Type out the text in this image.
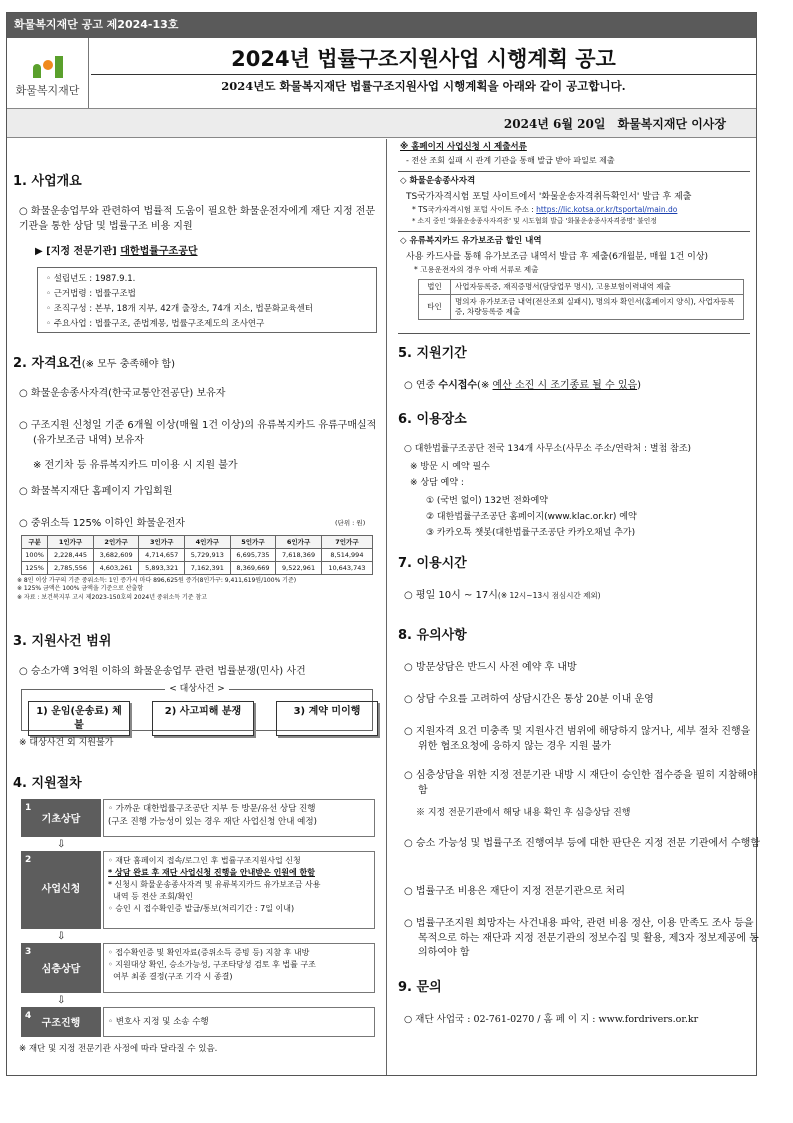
화물복지재단 공고 제2024-13호
화물복지재단
2024년 법률구조지원사업 시행계획 공고
2024년도 화물복지재단 법률구조지원사업 시행계획을 아래와 같이 공고합니다.
2024년 6월 20일 화물복지재단 이사장
1. 사업개요
○ 화물운송업무와 관련하여 법률적 도움이 필요한 화물운전자에게 재단 지정 전문기관을 통한 상담 및 법률구조 비용 지원
▶ [지정 전문기관] 대한법률구조공단
◦ 설립년도 : 1987.9.1.
◦ 근거법령 : 법률구조법
◦ 조직구성 : 본부, 18개 지부, 42개 출장소, 74개 지소, 법문화교육센터
◦ 주요사업 : 법률구조, 준법계몽, 법률구조제도의 조사연구
2. 자격요건(※ 모두 충족해야 함)
○ 화물운송종사자격(한국교통안전공단) 보유자
○ 구조지원 신청일 기준 6개월 이상(매월 1건 이상)의 유류복지카드 유류구매실적(유가보조금 내역) 보유자
※ 전기차 등 유류복지카드 미이용 시 지원 불가
○ 화물복지재단 홈페이지 가입회원
○ 중위소득 125% 이하인 화물운전자	(단위 : 원)
구분	1인가구	2인가구	3인가구	4인가구	5인가구	6인가구	7인가구
100%	2,228,445	3,682,609	4,714,657	5,729,913	6,695,735	7,618,369	8,514,994
125%	2,785,556	4,603,261	5,893,321	7,162,391	8,369,669	9,522,961	10,643,743
※ 8인 이상 가구의 기준 중위소득: 1인 증가시 마다 896,625원 증가(8인가구: 9,411,619원/100% 기준)
※ 125% 금액은 100% 금액을 기준으로 산출함
※ 자료 : 보건복지부 고시 제2023-150호의 2024년 중위소득 기준 참고
3. 지원사건 범위
○ 승소가액 3억원 이하의 화물운송업무 관련 법률분쟁(민사) 사건
< 대상사건 >
1) 운임(운송료) 체불
2) 사고피해 분쟁	3) 계약 미이행
※ 대상사건 외 지원불가
4. 지원절차
1
기초상담
◦ 가까운 대한법률구조공단 지부 등 방문/유선 상담 진행
(구조 진행 가능성이 있는 경우 재단 사업신청 안내 예정)
⇩
2
사업신청
◦ 재단 홈페이지 접속/로그인 후 법률구조지원사업 신청
* 상담 완료 후 재단 사업신청 진행을 안내받은 인원에 한함
* 신청시 화물운송종사자격 및 유류복지카드 유가보조금 사용
내역 등 전산 조회/확인
◦ 승인 시 접수확인증 발급/통보(처리기간 : 7일 이내)
⇩
3
심층상담
◦ 접수확인증 및 확인자료(증위소득 증빙 등) 지참 후 내방
◦ 지원대상 확인, 승소가능성, 구조타당성 검토 후 법률 구조
여부 최종 결정(구조 기각 시 종결)
⇩
4
구조진행	◦ 변호사 지정 및 소송 수행
※ 재단 및 지정 전문기관 사정에 따라 달라질 수 있음.
※ 홈페이지 사업신청 시 제출서류
- 전산 조회 실패 시 관계 기관을 통해 발급 받아 파일로 제출
◇ 화물운송종사자격
TS국가자격시험 포털 사이트에서 '화물운송자격취득확인서' 발급 후 제출
* TS국가자격시험 포털 사이트 주소 : https://lic.kotsa.or.kr/tsportal/main.do
* 소지 중인 '화물운송종사자격증' 및 시도협회 발급 '화물운송종사자격증명' 불인정
◇ 유류복지카드 유가보조금 할인 내역
사용 카드사를 통해 유가보조금 내역서 발급 후 제출(6개월분, 매월 1건 이상)
* 고용운전자의 경우 아래 서류로 제출
법인	사업자등록증, 재직증명서(담당업무 명시), 고용보험이력내역 제출
타인	명의자 유가보조금 내역(전산조회 실패시), 명의자 확인서(홈페이지 양식), 사업자등록증, 차량등록증 제출
5. 지원기간
○ 연중 수시접수(※ 예산 소진 시 조기종료 될 수 있음)
6. 이용장소
○ 대한법률구조공단 전국 134개 사무소(사무소 주소/연락처 : 별첨 참조)
※ 방문 시 예약 필수
※ 상담 예약 :
① (국번 없이) 132번 전화예약
② 대한법률구조공단 홈페이지(www.klac.or.kr) 예약
③ 카카오톡 챗봇(대한법률구조공단 카카오채널 추가)
7. 이용시간
○ 평일 10시 ~ 17시(※ 12시~13시 점심시간 제외)
8. 유의사항
○ 방문상담은 반드시 사전 예약 후 내방
○ 상담 수요를 고려하여 상담시간은 통상 20분 이내 운영
○ 지원자격 요건 미충족 및 지원사건 범위에 해당하지 않거나, 세부 절차 진행을 위한 협조요청에 응하지 않는 경우 지원 불가
○ 심층상담을 위한 지정 전문기관 내방 시 재단이 승인한 접수증을 필히 지참해야 함
※ 지정 전문기관에서 해당 내용 확인 후 심층상담 진행
○ 승소 가능성 및 법률구조 진행여부 등에 대한 판단은 지정 전문 기관에서 수행함
○ 법률구조 비용은 재단이 지정 전문기관으로 처리
○ 법률구조지원 희망자는 사건내용 파악, 관련 비용 정산, 이용 만족도 조사 등을 목적으로 하는 재단과 지정 전문기관의 정보수집 및 활용, 제3자 정보제공에 동의하여야 함
9. 문의
○ 재단 사업국 : 02-761-0270 / 홈 페 이 지 : www.fordrivers.or.kr
